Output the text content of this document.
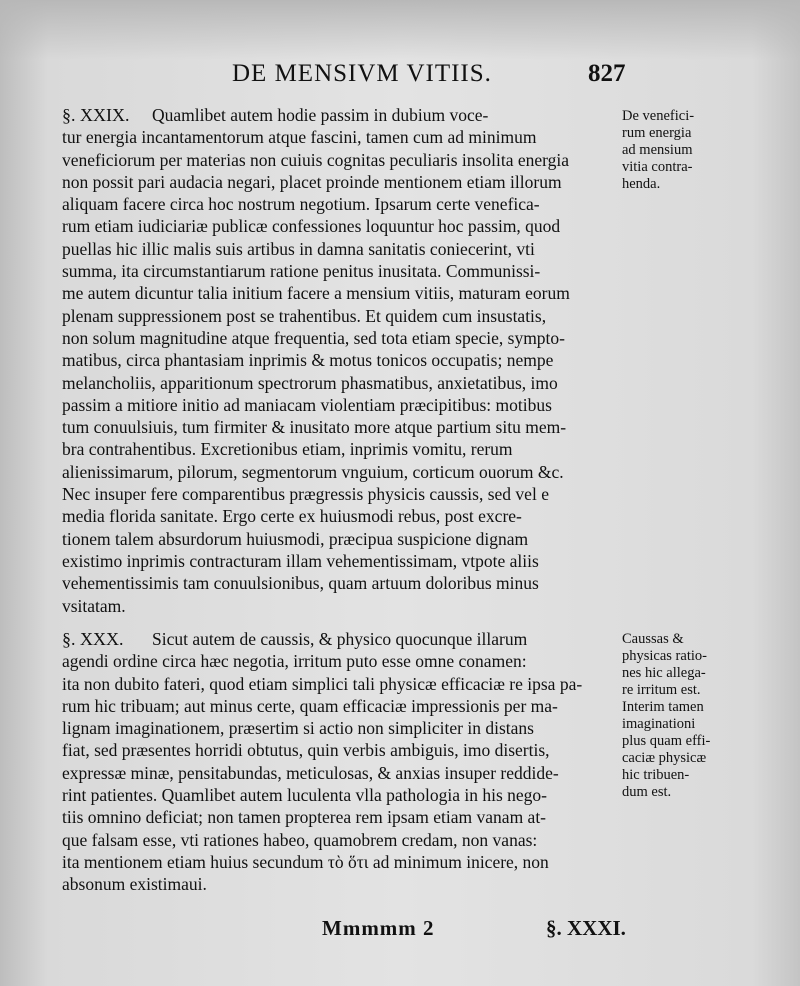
DE MENSIVM VITIIS.	827
§. XXIX. Quamlibet autem hodie passim in dubium voce-
tur energia incantamentorum atque fascini, tamen cum ad minimum
veneficiorum per materias non cuiuis cognitas peculiaris insolita energia
non possit pari audacia negari, placet proinde mentionem etiam illorum
aliquam facere circa hoc nostrum negotium. Ipsarum certe venefica-
rum etiam iudiciariæ publicæ confessiones loquuntur hoc passim, quod
puellas hic illic malis suis artibus in damna sanitatis coniecerint, vti
summa, ita circumstantiarum ratione penitus inusitata. Communissi-
me autem dicuntur talia initium facere a mensium vitiis, maturam eorum
plenam suppressionem post se trahentibus. Et quidem cum insustatis,
non solum magnitudine atque frequentia, sed tota etiam specie, sympto-
matibus, circa phantasiam inprimis & motus tonicos occupatis; nempe
melancholiis, apparitionum spectrorum phasmatibus, anxietatibus, imo
passim a mitiore initio ad maniacam violentiam præcipitibus: motibus
tum conuulsiuis, tum firmiter & inusitato more atque partium situ mem-
bra contrahentibus. Excretionibus etiam, inprimis vomitu, rerum
alienissimarum, pilorum, segmentorum vnguium, corticum ouorum &c.
Nec insuper fere comparentibus prægressis physicis caussis, sed vel e
media florida sanitate. Ergo certe ex huiusmodi rebus, post excre-
tionem talem absurdorum huiusmodi, præcipua suspicione dignam
existimo inprimis contracturam illam vehementissimam, vtpote aliis
vehementissimis tam conuulsionibus, quam artuum doloribus minus
vsitatam.
De venefici-
rum energia
ad mensium
vitia contra-
henda.
§. XXX. Sicut autem de caussis, & physico quocunque illarum
agendi ordine circa hæc negotia, irritum puto esse omne conamen:
ita non dubito fateri, quod etiam simplici tali physicæ efficaciæ re ipsa pa-
rum hic tribuam; aut minus certe, quam efficaciæ impressionis per ma-
lignam imaginationem, præsertim si actio non simpliciter in distans
fiat, sed præsentes horridi obtutus, quin verbis ambiguis, imo disertis,
expressæ minæ, pensitabundas, meticulosas, & anxias insuper reddide-
rint patientes. Quamlibet autem luculenta vlla pathologia in his nego-
tiis omnino deficiat; non tamen propterea rem ipsam etiam vanam at-
que falsam esse, vti rationes habeo, quamobrem credam, non vanas:
ita mentionem etiam huius secundum τὸ ὅτι ad minimum inicere, non
absonum existimaui.
Caussas &
physicas ratio-
nes hic allega-
re irritum est.
Interim tamen
imaginationi
plus quam effi-
caciæ physicæ
hic tribuen-
dum est.
Mmmmm 2	§. XXXI.
